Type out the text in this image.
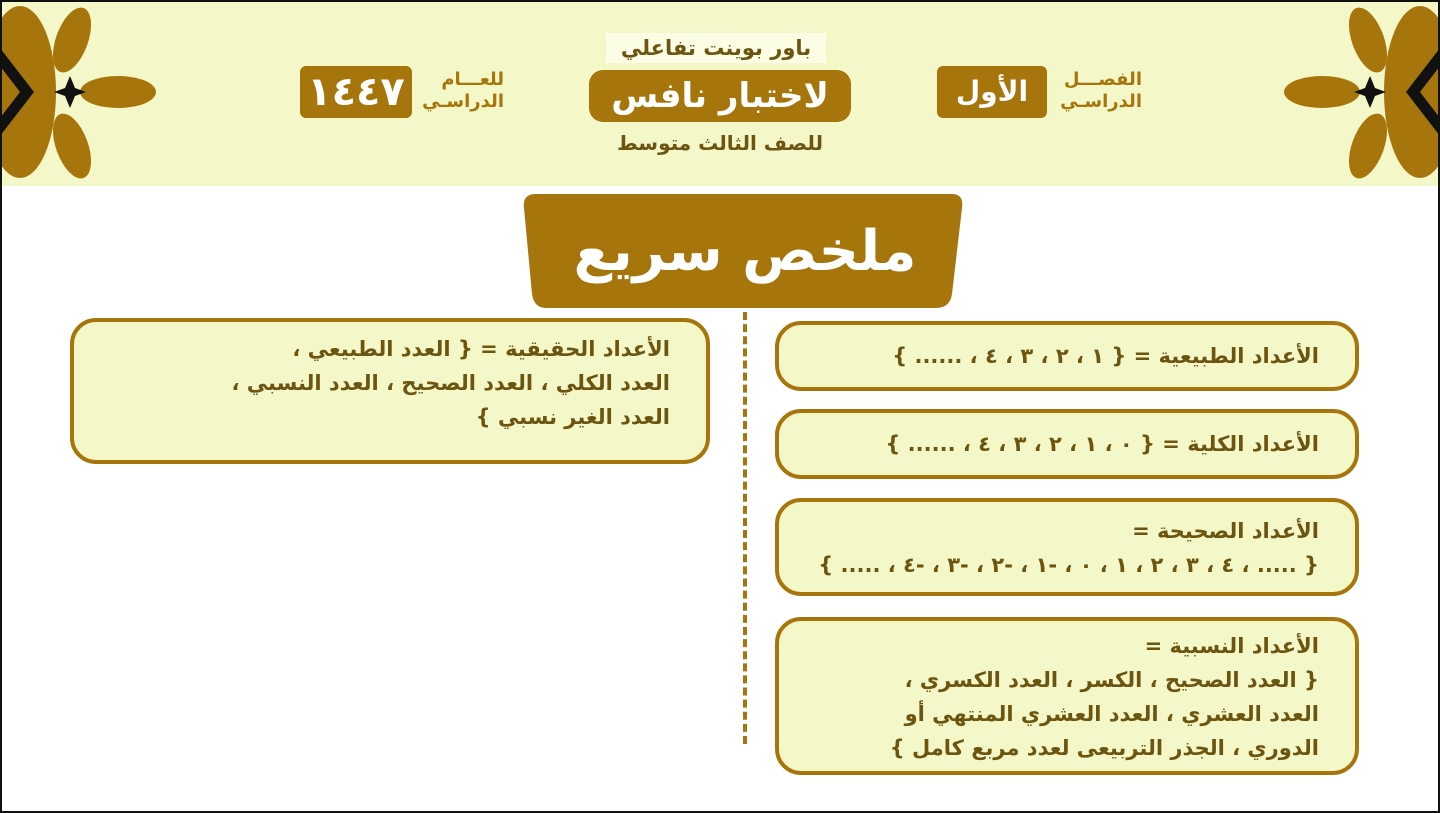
باور بوينت تفاعلي
لاختبار نافس
للصف الثالث متوسط
للعـــام
الدراسـي
١٤٤٧	الفصـــل
الدراسـي
الأول
ملخص سريع
الأعداد الطبيعية = { ١ ، ٢ ، ٣ ، ٤ ، ...... }
الأعداد الكلية = { ٠ ، ١ ، ٢ ، ٣ ، ٤ ، ...... }
الأعداد الصحيحة =
{ ..... ، ٤ ، ٣ ، ٢ ، ١ ، ٠ ، -١ ، -٢ ، -٣ ، -٤ ، ..... }
الأعداد النسبية =
{ العدد الصحيح ، الكسر ، العدد الكسري ،
العدد العشري ، العدد العشري المنتهي أو
الدوري ، الجذر التربيعى لعدد مربع كامل }
الأعداد الحقيقية = { العدد الطبيعي ،
العدد الكلي ، العدد الصحيح ، العدد النسبي ،
العدد الغير نسبي }
